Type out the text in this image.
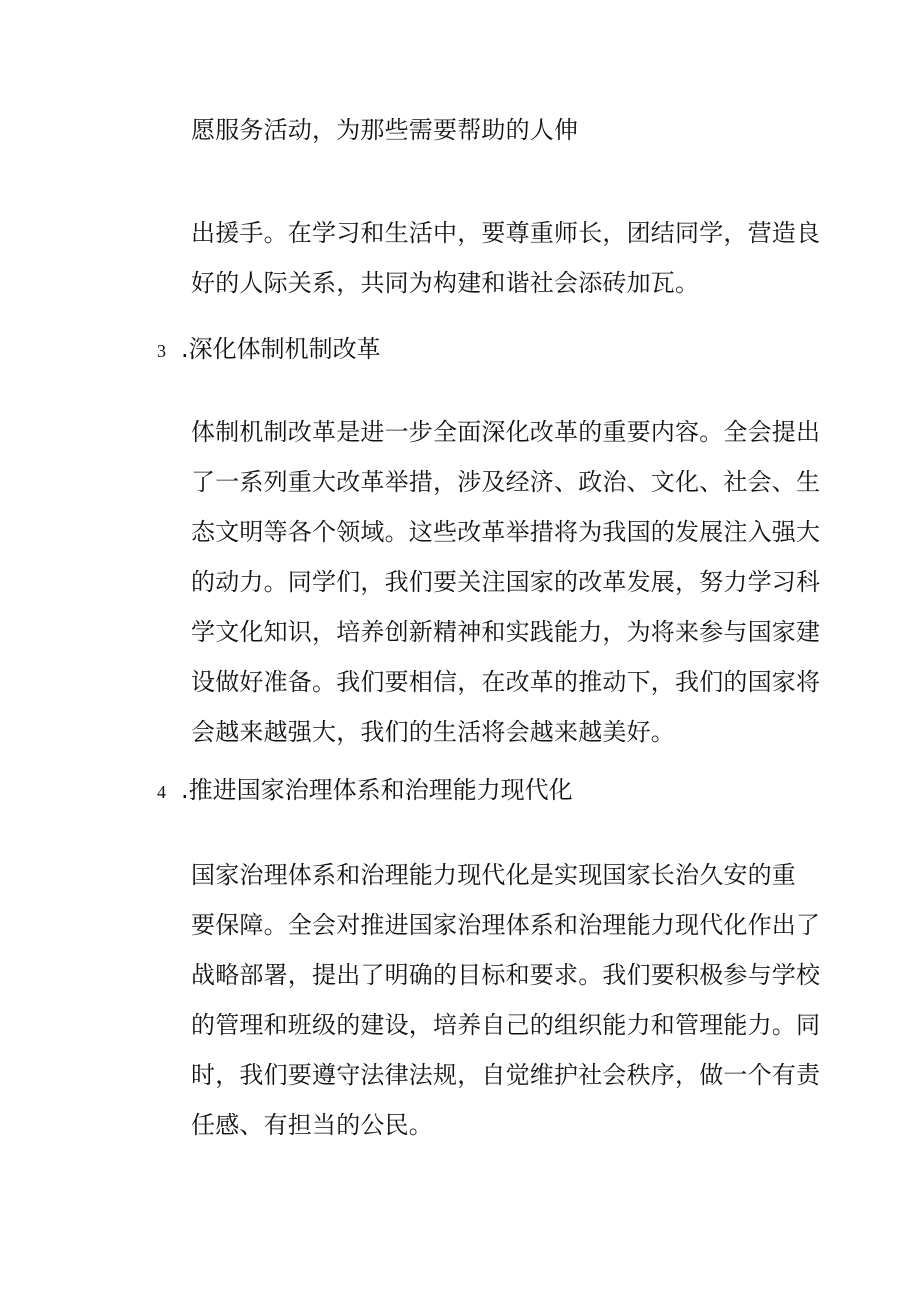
愿服务活动，为那些需要帮助的人伸
出援手。在学习和生活中，要尊重师长，团结同学，营造良
好的人际关系，共同为构建和谐社会添砖加瓦。
3 .深化体制机制改革
体制机制改革是进一步全面深化改革的重要内容。全会提出
了一系列重大改革举措，涉及经济、政治、文化、社会、生
态文明等各个领域。这些改革举措将为我国的发展注入强大
的动力。同学们，我们要关注国家的改革发展，努力学习科
学文化知识，培养创新精神和实践能力，为将来参与国家建
设做好准备。我们要相信，在改革的推动下，我们的国家将
会越来越强大，我们的生活将会越来越美好。
4 .推进国家治理体系和治理能力现代化
国家治理体系和治理能力现代化是实现国家长治久安的重
要保障。全会对推进国家治理体系和治理能力现代化作出了
战略部署，提出了明确的目标和要求。我们要积极参与学校
的管理和班级的建设，培养自己的组织能力和管理能力。同
时，我们要遵守法律法规，自觉维护社会秩序，做一个有责
任感、有担当的公民。
